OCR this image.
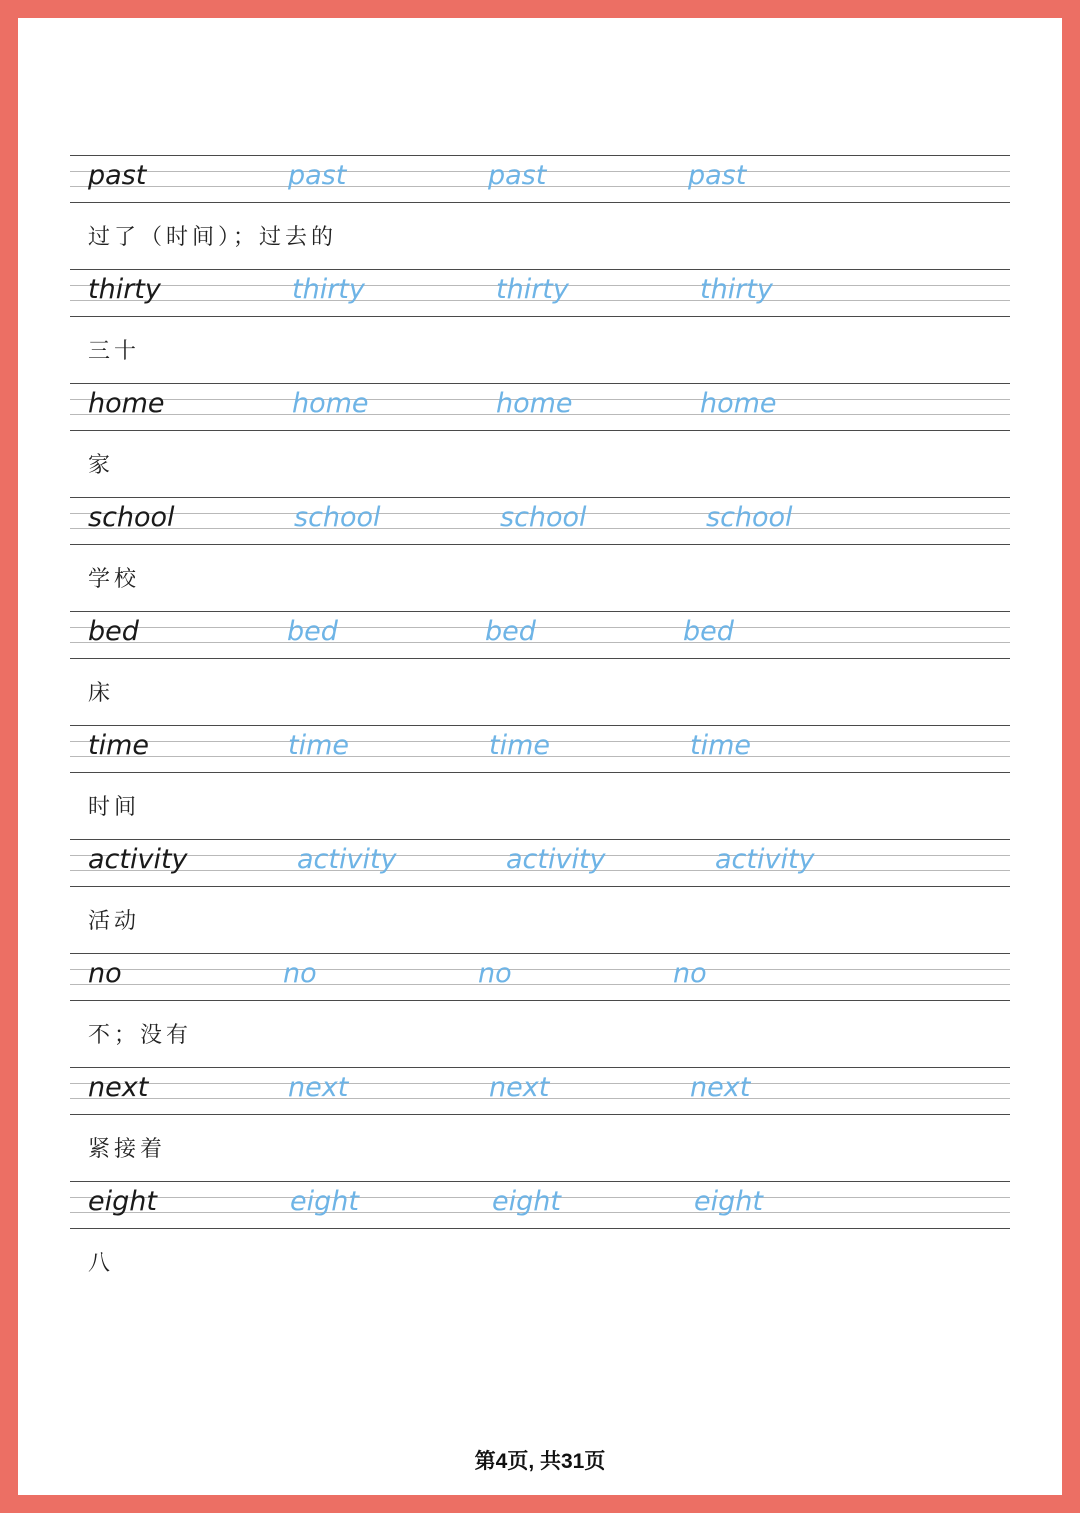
past	past	past	past
过了（时间）；过去的
thirty	thirty	thirty	thirty
三十
home	home	home	home
家
school	school	school	school
学校
bed	bed	bed	bed
床
time	time	time	time
时间
activity	activity	activity	activity
活动
no	no	no	no
不；没有
next	next	next	next
紧接着
eight	eight	eight	eight
八
第4页, 共31页
